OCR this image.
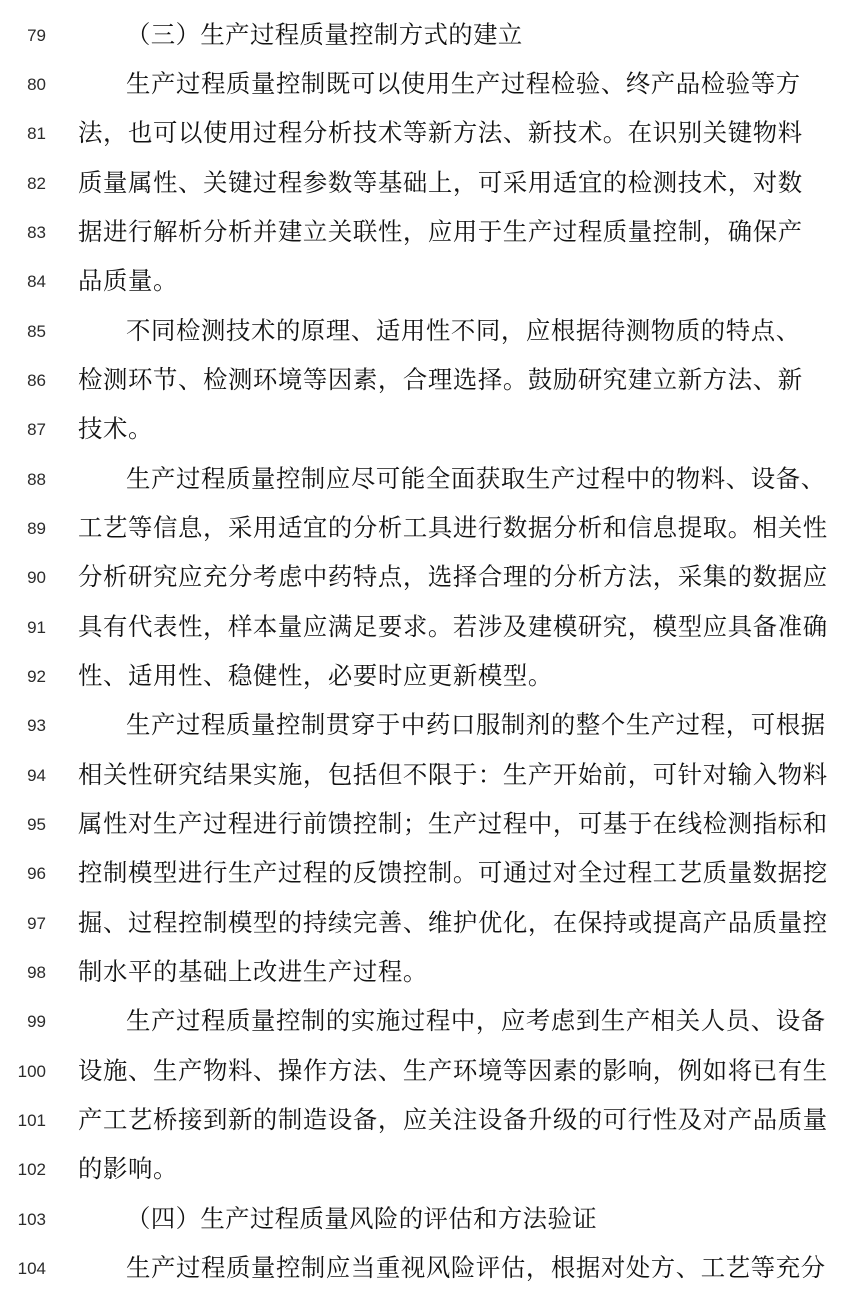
79	（三）生产过程质量控制方式的建立
80	生产过程质量控制既可以使用生产过程检验、终产品检验等方
81 法，也可以使用过程分析技术等新方法、新技术。在识别关键物料
82 质量属性、关键过程参数等基础上，可采用适宜的检测技术，对数
83 据进行解析分析并建立关联性，应用于生产过程质量控制，确保产
84 品质量。
85	不同检测技术的原理、适用性不同，应根据待测物质的特点、
86 检测环节、检测环境等因素，合理选择。鼓励研究建立新方法、新
87 技术。
88	生产过程质量控制应尽可能全面获取生产过程中的物料、设备、
89 工艺等信息，采用适宜的分析工具进行数据分析和信息提取。相关性
90 分析研究应充分考虑中药特点，选择合理的分析方法，采集的数据应
91 具有代表性，样本量应满足要求。若涉及建模研究，模型应具备准确
92 性、适用性、稳健性，必要时应更新模型。
93	生产过程质量控制贯穿于中药口服制剂的整个生产过程，可根据
94 相关性研究结果实施，包括但不限于：生产开始前，可针对输入物料
95 属性对生产过程进行前馈控制；生产过程中，可基于在线检测指标和
96 控制模型进行生产过程的反馈控制。可通过对全过程工艺质量数据挖
97 掘、过程控制模型的持续完善、维护优化，在保持或提高产品质量控
98 制水平的基础上改进生产过程。
99	生产过程质量控制的实施过程中，应考虑到生产相关人员、设备
100 设施、生产物料、操作方法、生产环境等因素的影响，例如将已有生
101 产工艺桥接到新的制造设备，应关注设备升级的可行性及对产品质量
102 的影响。
103	（四）生产过程质量风险的评估和方法验证
104	生产过程质量控制应当重视风险评估，根据对处方、工艺等充分
